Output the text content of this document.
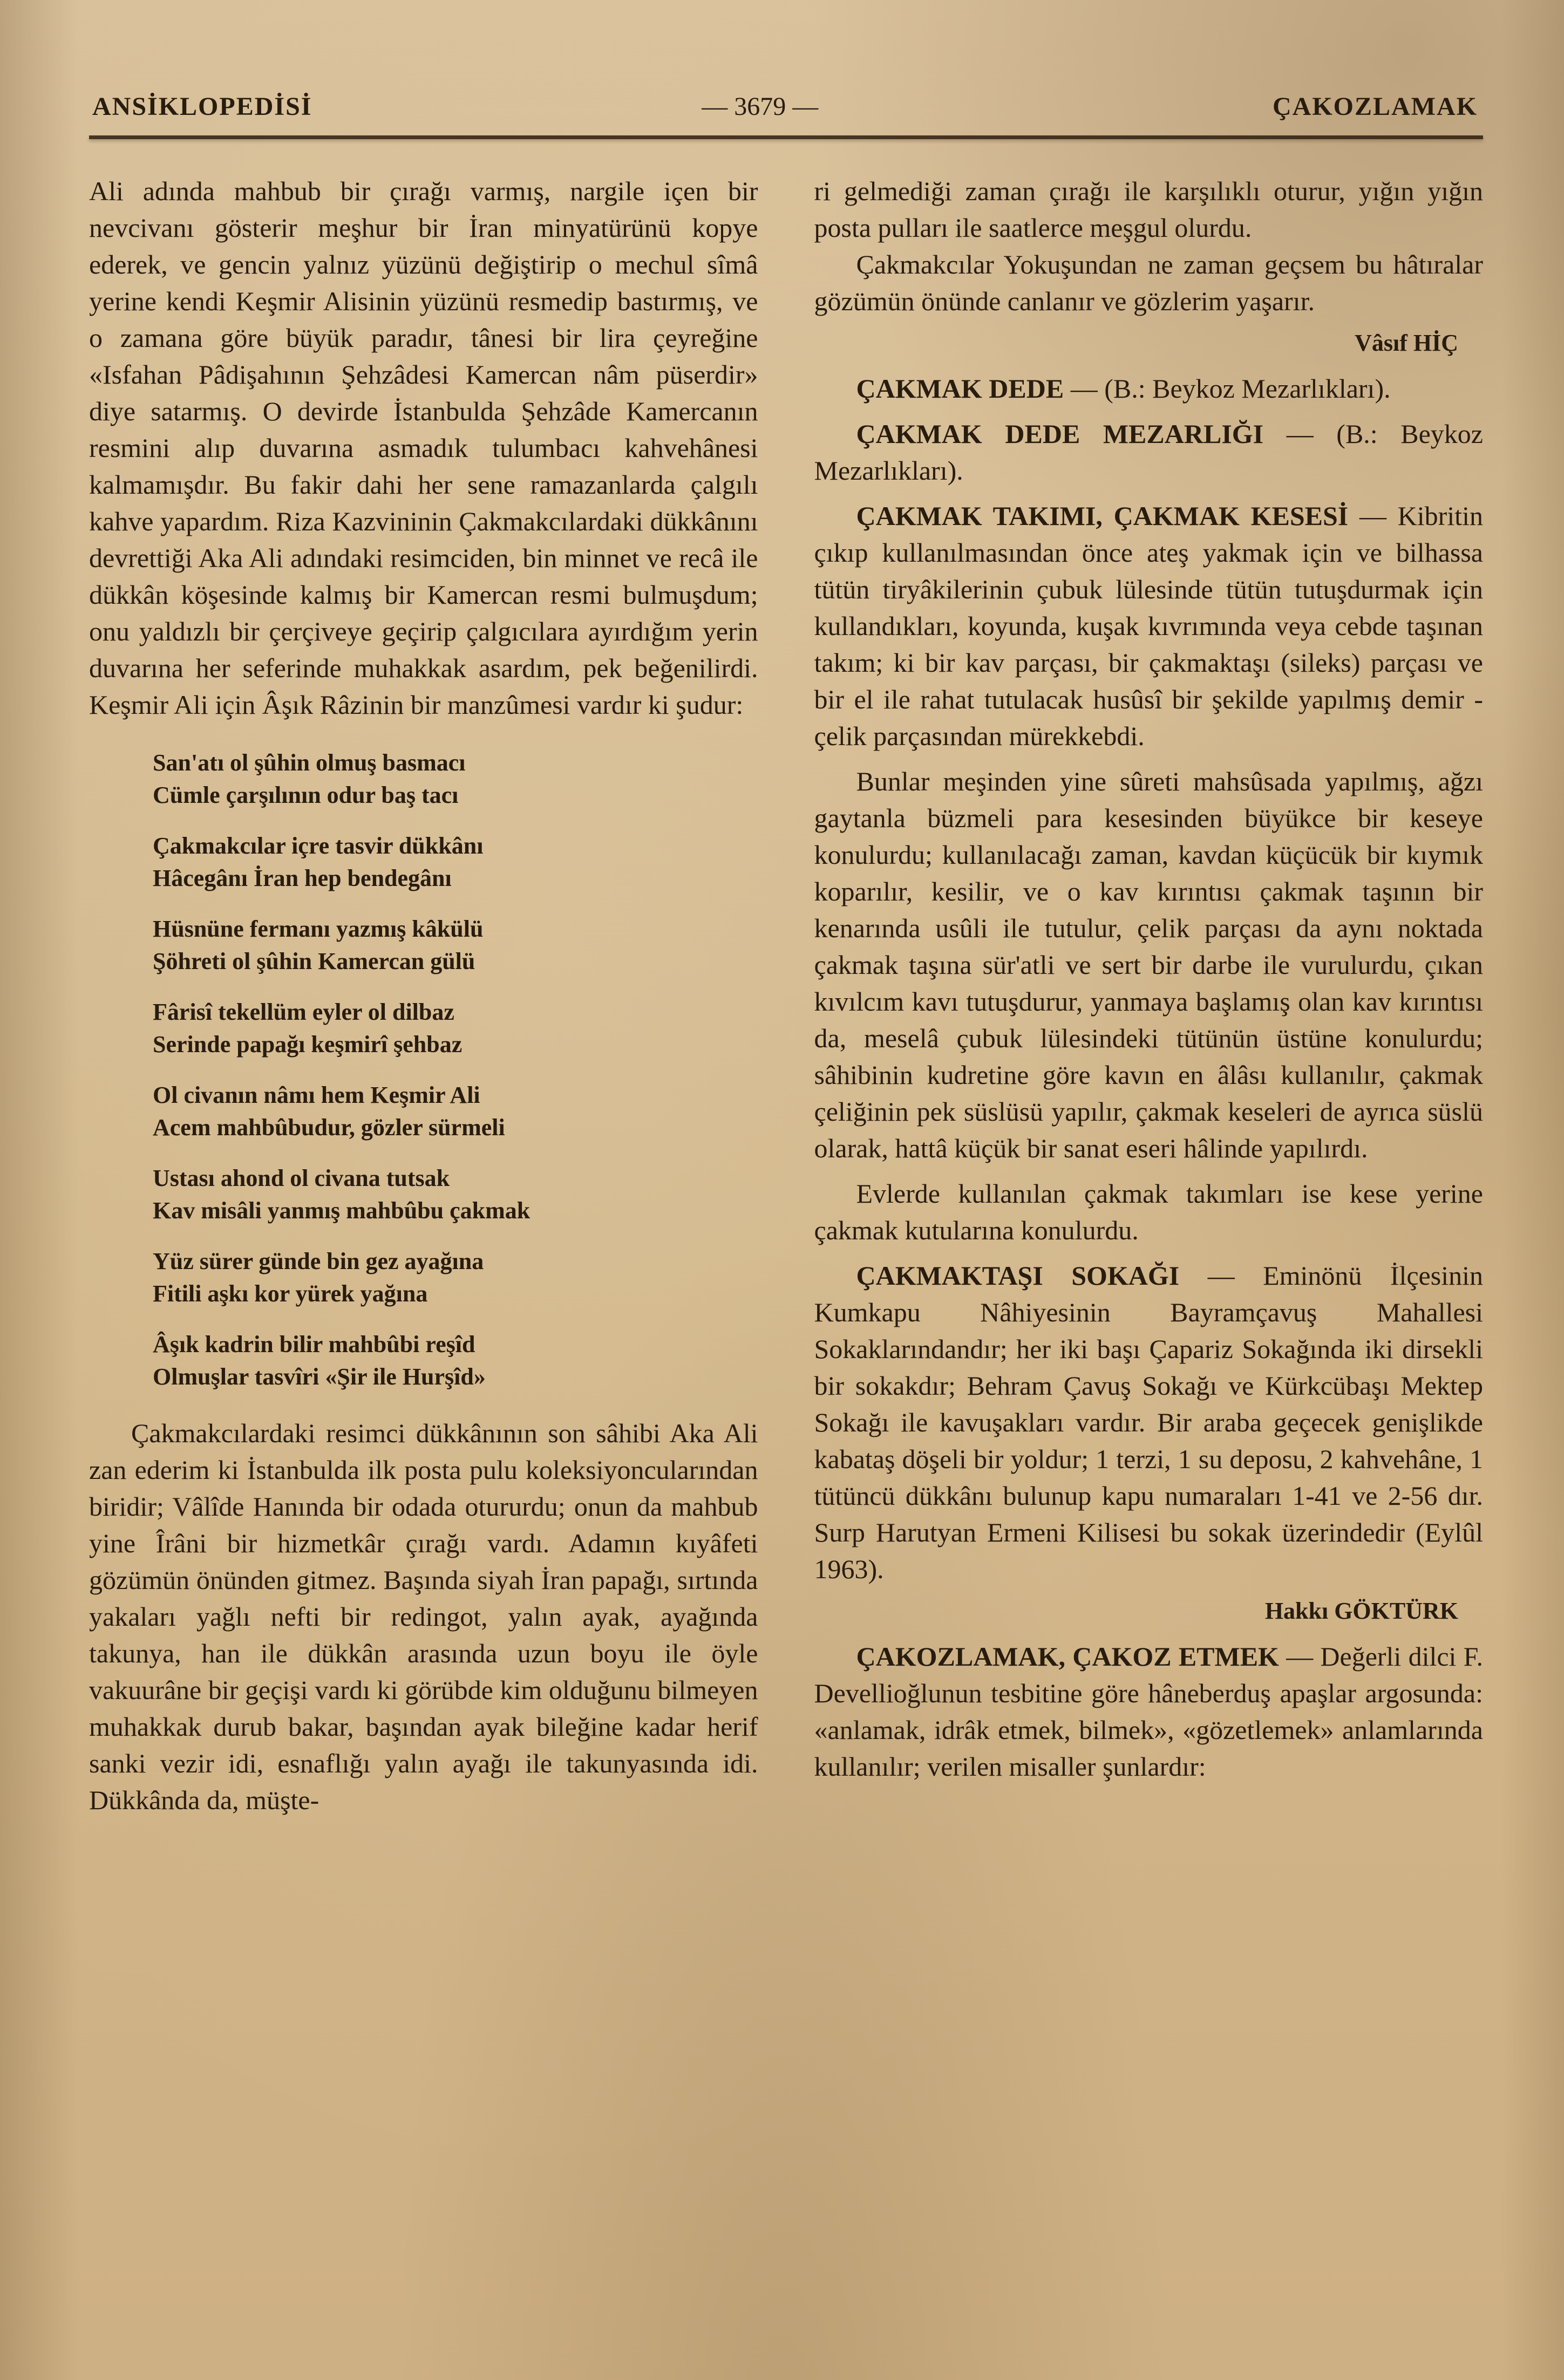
ANSİKLOPEDİSİ	— 3679 —	ÇAKOZLAMAK

Ali adında mahbub bir çırağı varmış, nargile içen bir nevcivanı gösterir meşhur bir İran minyatürünü kopye ederek, ve gencin yalnız yüzünü değiştirip o mechul sîmâ yerine kendi Keşmir Alisinin yüzünü resmedip bastırmış, ve o zamana göre büyük paradır, tânesi bir lira çeyreğine «Isfahan Pâdişahının Şehzâdesi Kamercan nâm püserdir» diye satarmış. O devirde İstanbulda Şehzâde Kamercanın resmini alıp duvarına asmadık tulumbacı kahvehânesi kalmamışdır. Bu fakir dahi her sene ramazanlarda çalgılı kahve yapardım. Riza Kazvininin Çakmakcılardaki dükkânını devrettiği Aka Ali adındaki resimciden, bin minnet ve recâ ile dükkân köşesinde kalmış bir Kamercan resmi bulmuşdum; onu yaldızlı bir çerçiveye geçirip çalgıcılara ayırdığım yerin duvarına her seferinde muhakkak asardım, pek beğenilirdi. Keşmir Ali için Âşık Râzinin bir manzûmesi vardır ki şudur:

San'atı ol şûhin olmuş basmacı
Cümle çarşılının odur baş tacı
Çakmakcılar içre tasvir dükkânı
Hâcegânı İran hep bendegânı
Hüsnüne fermanı yazmış kâkülü
Şöhreti ol şûhin Kamercan gülü
Fârisî tekellüm eyler ol dilbaz
Serinde papağı keşmirî şehbaz
Ol civanın nâmı hem Keşmir Ali
Acem mahbûbudur, gözler sürmeli
Ustası ahond ol civana tutsak
Kav misâli yanmış mahbûbu çakmak
Yüz sürer günde bin gez ayağına
Fitili aşkı kor yürek yağına
Âşık kadrin bilir mahbûbi reşîd
Olmuşlar tasvîri «Şir ile Hurşîd»

Çakmakcılardaki resimci dükkânının son sâhibi Aka Ali zan ederim ki İstanbulda ilk posta pulu koleksiyoncularından biridir; Vâlîde Hanında bir odada otururdu; onun da mahbub yine Îrâni bir hizmetkâr çırağı vardı. Adamın kıyâfeti gözümün önünden gitmez. Başında siyah İran papağı, sırtında yakaları yağlı nefti bir redingot, yalın ayak, ayağında takunya, han ile dükkân arasında uzun boyu ile öyle vakuurâne bir geçişi vardı ki görübde kim olduğunu bilmeyen muhakkak durub bakar, başından ayak bileğine kadar herif sanki vezir idi, esnaflığı yalın ayağı ile takunyasında idi. Dükkânda da, müşte-

ri gelmediği zaman çırağı ile karşılıklı oturur, yığın yığın posta pulları ile saatlerce meşgul olurdu.

Çakmakcılar Yokuşundan ne zaman geçsem bu hâtıralar gözümün önünde canlanır ve gözlerim yaşarır.

Vâsıf HİÇ

ÇAKMAK DEDE — (B.: Beykoz Mezarlıkları).

ÇAKMAK DEDE MEZARLIĞI — (B.: Beykoz Mezarlıkları).

ÇAKMAK TAKIMI, ÇAKMAK KESESİ — Kibritin çıkıp kullanılmasından önce ateş yakmak için ve bilhassa tütün tiryâkilerinin çubuk lülesinde tütün tutuşdurmak için kullandıkları, koyunda, kuşak kıvrımında veya cebde taşınan takım; ki bir kav parçası, bir çakmaktaşı (sileks) parçası ve bir el ile rahat tutulacak husûsî bir şekilde yapılmış demir - çelik parçasından mürekkebdi.

Bunlar meşinden yine sûreti mahsûsada yapılmış, ağzı gaytanla büzmeli para kesesinden büyükce bir keseye konulurdu; kullanılacağı zaman, kavdan küçücük bir kıymık koparılır, kesilir, ve o kav kırıntısı çakmak taşının bir kenarında usûli ile tutulur, çelik parçası da aynı noktada çakmak taşına sür'atli ve sert bir darbe ile vurulurdu, çıkan kıvılcım kavı tutuşdurur, yanmaya başlamış olan kav kırıntısı da, meselâ çubuk lülesindeki tütünün üstüne konulurdu; sâhibinin kudretine göre kavın en âlâsı kullanılır, çakmak çeliğinin pek süslüsü yapılır, çakmak keseleri de ayrıca süslü olarak, hattâ küçük bir sanat eseri hâlinde yapılırdı.

Evlerde kullanılan çakmak takımları ise kese yerine çakmak kutularına konulurdu.

ÇAKMAKTAŞI SOKAĞI — Eminönü İlçesinin Kumkapu Nâhiyesinin Bayramçavuş Mahallesi Sokaklarındandır; her iki başı Çapariz Sokağında iki dirsekli bir sokakdır; Behram Çavuş Sokağı ve Kürkcübaşı Mektep Sokağı ile kavuşakları vardır. Bir araba geçecek genişlikde kabataş döşeli bir yoldur; 1 terzi, 1 su deposu, 2 kahvehâne, 1 tütüncü dükkânı bulunup kapu numaraları 1-41 ve 2-56 dır. Surp Harutyan Ermeni Kilisesi bu sokak üzerindedir (Eylûl 1963).

Hakkı GÖKTÜRK

ÇAKOZLAMAK, ÇAKOZ ETMEK — Değerli dilci F. Devellioğlunun tesbitine göre hâneberduş apaşlar argosunda: «anlamak, idrâk etmek, bilmek», «gözetlemek» anlamlarında kullanılır; verilen misaller şunlardır:
